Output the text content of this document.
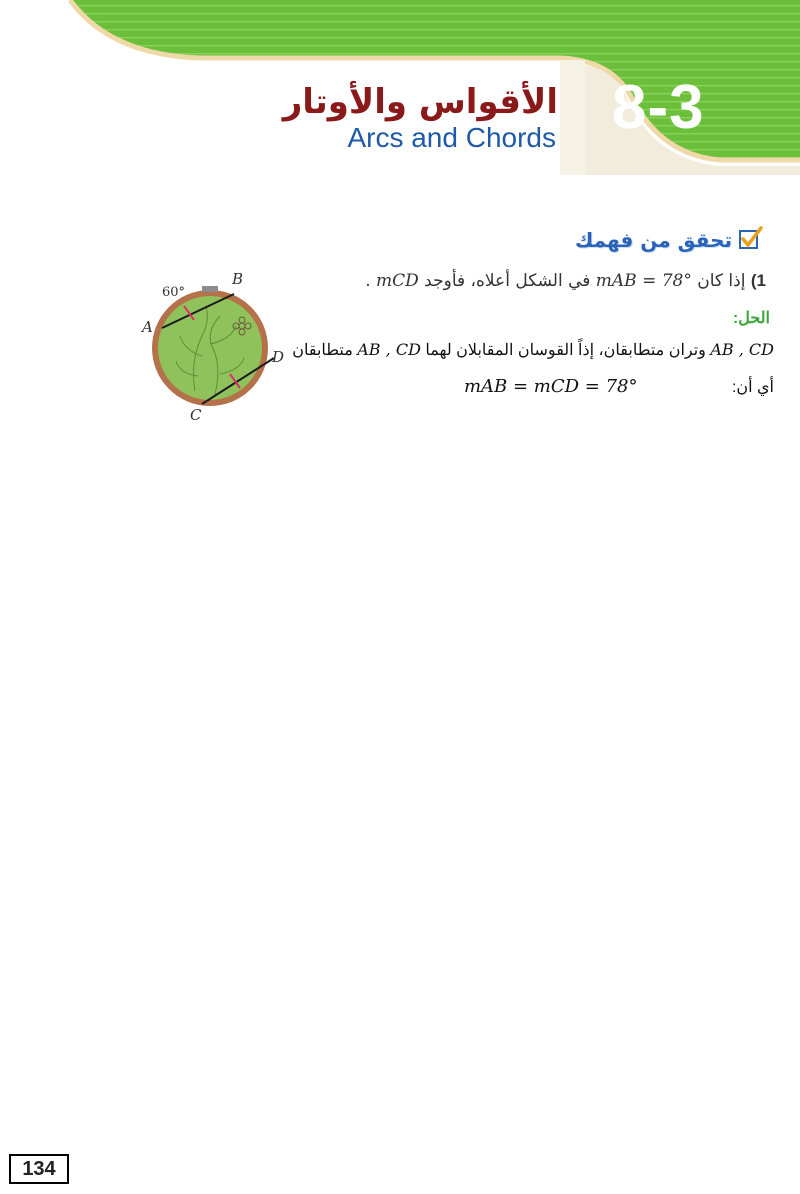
8-3
الأقواس والأوتار
Arcs and Chords
تحقق من فهمك
1) إذا كان mAB = 78° في الشكل أعلاه، فأوجد mCD .
الحل:
AB , CD وتران متطابقان، إذاً القوسان المقابلان لهما AB , CD متطابقان
أي أن: mAB = mCD = 78°
60°
B
A
D
C
134
